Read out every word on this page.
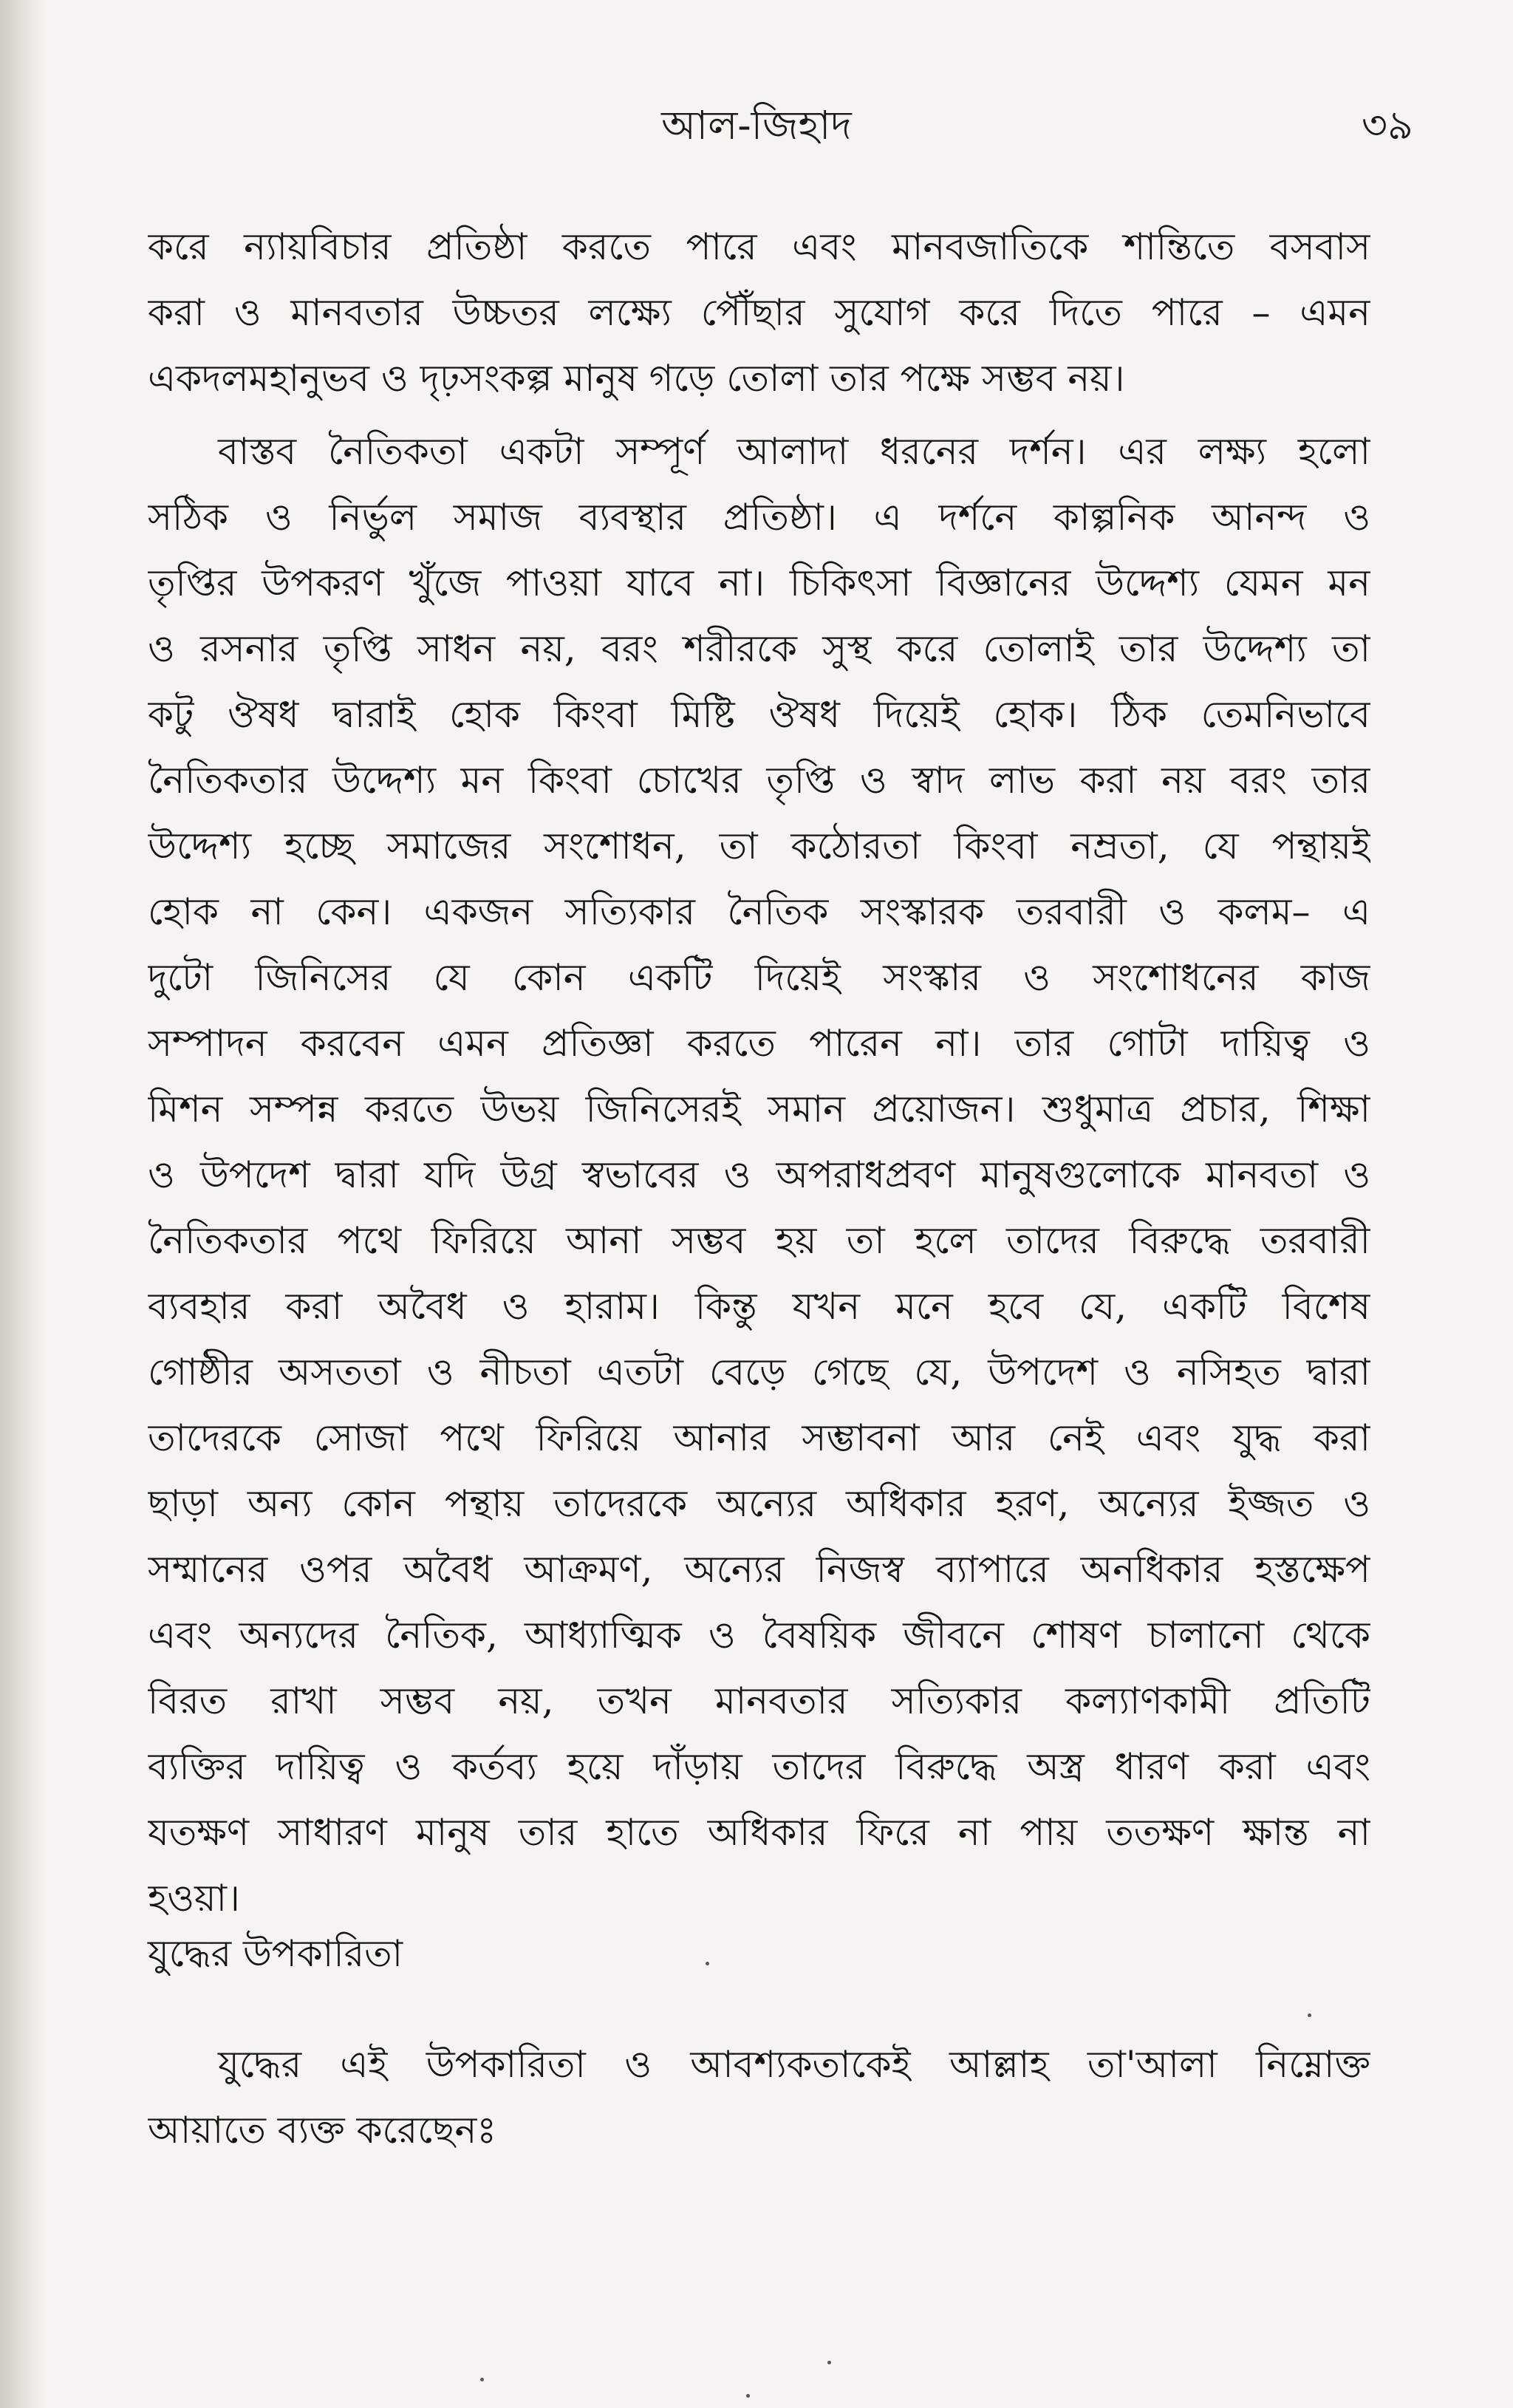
আল-জিহাদ	৩৯
করে ন্যায়বিচার প্রতিষ্ঠা করতে পারে এবং মানবজাতিকে শান্তিতে বসবাস
করা ও মানবতার উচ্চতর লক্ষ্যে পৌঁছার সুযোগ করে দিতে পারে – এমন
একদলমহানুভব ও দৃঢ়সংকল্প মানুষ গড়ে তোলা তার পক্ষে সম্ভব নয়।
বাস্তব নৈতিকতা একটা সম্পূর্ণ আলাদা ধরনের দর্শন। এর লক্ষ্য হলো
সঠিক ও নির্ভুল সমাজ ব্যবস্থার প্রতিষ্ঠা। এ দর্শনে কাল্পনিক আনন্দ ও
তৃপ্তির উপকরণ খুঁজে পাওয়া যাবে না। চিকিৎসা বিজ্ঞানের উদ্দেশ্য যেমন মন
ও রসনার তৃপ্তি সাধন নয়, বরং শরীরকে সুস্থ করে তোলাই তার উদ্দেশ্য তা
কটু ঔষধ দ্বারাই হোক কিংবা মিষ্টি ঔষধ দিয়েই হোক। ঠিক তেমনিভাবে
নৈতিকতার উদ্দেশ্য মন কিংবা চোখের তৃপ্তি ও স্বাদ লাভ করা নয় বরং তার
উদ্দেশ্য হচ্ছে সমাজের সংশোধন, তা কঠোরতা কিংবা নম্রতা, যে পন্থায়ই
হোক না কেন। একজন সত্যিকার নৈতিক সংস্কারক তরবারী ও কলম– এ
দুটো জিনিসের যে কোন একটি দিয়েই সংস্কার ও সংশোধনের কাজ
সম্পাদন করবেন এমন প্রতিজ্ঞা করতে পারেন না। তার গোটা দায়িত্ব ও
মিশন সম্পন্ন করতে উভয় জিনিসেরই সমান প্রয়োজন। শুধুমাত্র প্রচার, শিক্ষা
ও উপদেশ দ্বারা যদি উগ্র স্বভাবের ও অপরাধপ্রবণ মানুষগুলোকে মানবতা ও
নৈতিকতার পথে ফিরিয়ে আনা সম্ভব হয় তা হলে তাদের বিরুদ্ধে তরবারী
ব্যবহার করা অবৈধ ও হারাম। কিন্তু যখন মনে হবে যে, একটি বিশেষ
গোষ্ঠীর অসততা ও নীচতা এতটা বেড়ে গেছে যে, উপদেশ ও নসিহত দ্বারা
তাদেরকে সোজা পথে ফিরিয়ে আনার সম্ভাবনা আর নেই এবং যুদ্ধ করা
ছাড়া অন্য কোন পন্থায় তাদেরকে অন্যের অধিকার হরণ, অন্যের ইজ্জত ও
সম্মানের ওপর অবৈধ আক্রমণ, অন্যের নিজস্ব ব্যাপারে অনধিকার হস্তক্ষেপ
এবং অন্যদের নৈতিক, আধ্যাত্মিক ও বৈষয়িক জীবনে শোষণ চালানো থেকে
বিরত রাখা সম্ভব নয়, তখন মানবতার সত্যিকার কল্যাণকামী প্রতিটি
ব্যক্তির দায়িত্ব ও কর্তব্য হয়ে দাঁড়ায় তাদের বিরুদ্ধে অস্ত্র ধারণ করা এবং
যতক্ষণ সাধারণ মানুষ তার হাতে অধিকার ফিরে না পায় ততক্ষণ ক্ষান্ত না
হওয়া।
যুদ্ধের উপকারিতা
যুদ্ধের এই উপকারিতা ও আবশ্যকতাকেই আল্লাহ তা'আলা নিম্নোক্ত
আয়াতে ব্যক্ত করেছেনঃ
